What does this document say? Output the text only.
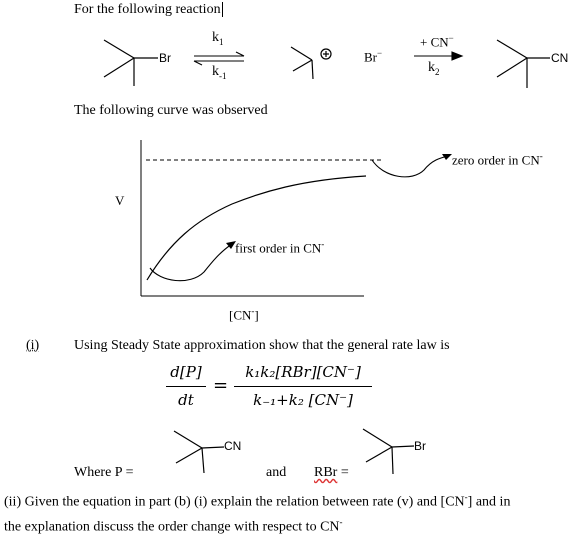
For the following reaction
Br
$k_1$
$k_{-1}$
Br−
+ CN−
$k_2$
CN
The following curve was observed
V
[CN-]
zero order in CN-
first order in CN-
(i) Using Steady State approximation show that the general rate law is
d[P]
dt
=
k₁k₂[RBr][CN⁻]
k₋₁+k₂ [CN⁻]
Where P =
CN
and RBr =
Br
(ii) Given the equation in part (b) (i) explain the relation between rate (v) and [CN-] and in
the explanation discuss the order change with respect to CN-
